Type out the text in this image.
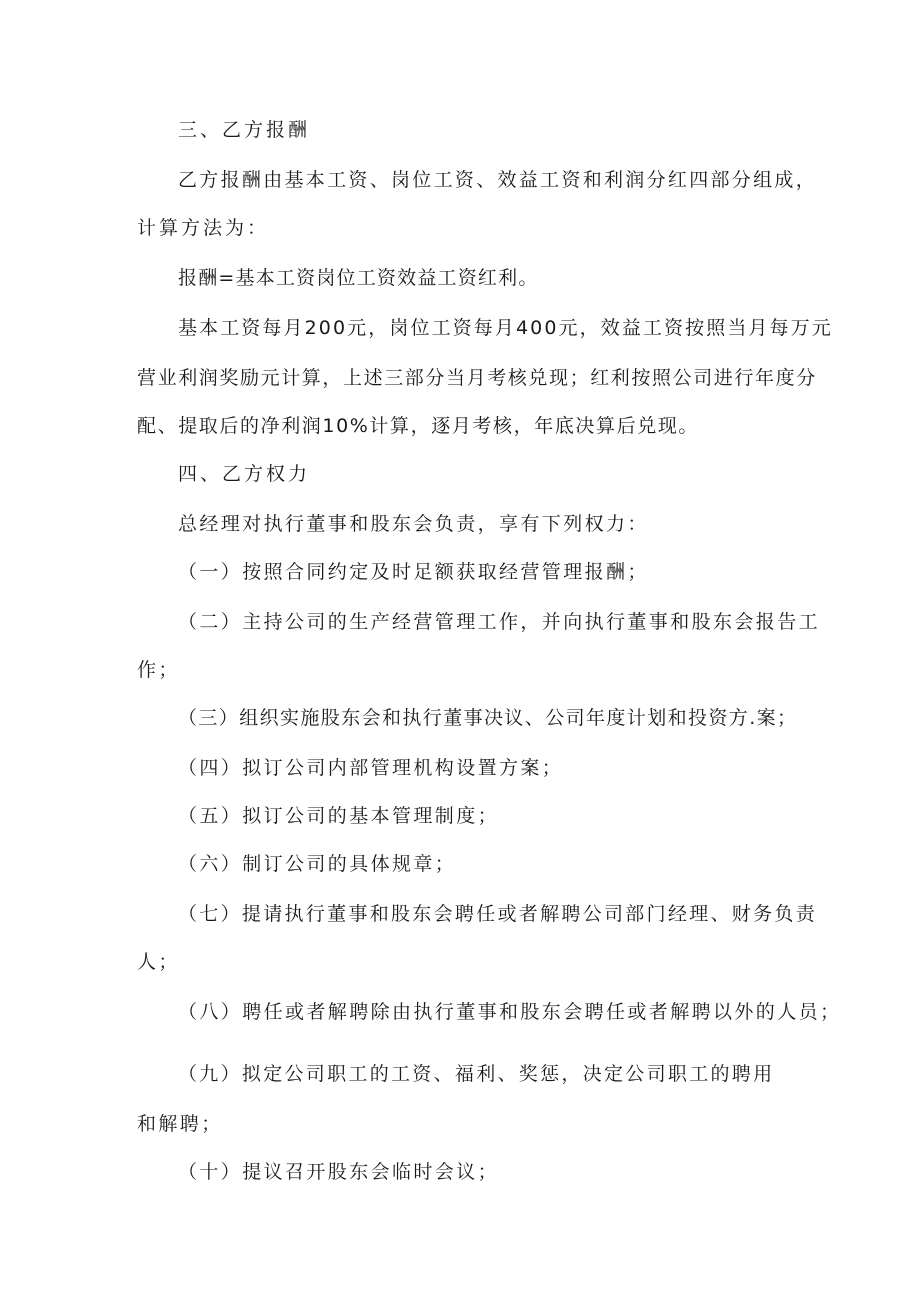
三、乙方报酬
乙方报酬由基本工资、岗位工资、效益工资和利润分红四部分组成，
计算方法为：
报酬=基本工资岗位工资效益工资红利。
基本工资每月200元，岗位工资每月400元，效益工资按照当月每万元
营业利润奖励元计算，上述三部分当月考核兑现；红利按照公司进行年度分
配、提取后的净利润10%计算，逐月考核，年底决算后兑现。
四、乙方权力
总经理对执行董事和股东会负责，享有下列权力：
（一）按照合同约定及时足额获取经营管理报酬；
（二）主持公司的生产经营管理工作，并向执行董事和股东会报告工
作；
（三）组织实施股东会和执行董事决议、公司年度计划和投资方.案；
（四）拟订公司内部管理机构设置方案；
（五）拟订公司的基本管理制度；
（六）制订公司的具体规章；
（七）提请执行董事和股东会聘任或者解聘公司部门经理、财务负责
人；
（八）聘任或者解聘除由执行董事和股东会聘任或者解聘以外的人员；
（九）拟定公司职工的工资、福利、奖惩，决定公司职工的聘用
和解聘；
（十）提议召开股东会临时会议；
